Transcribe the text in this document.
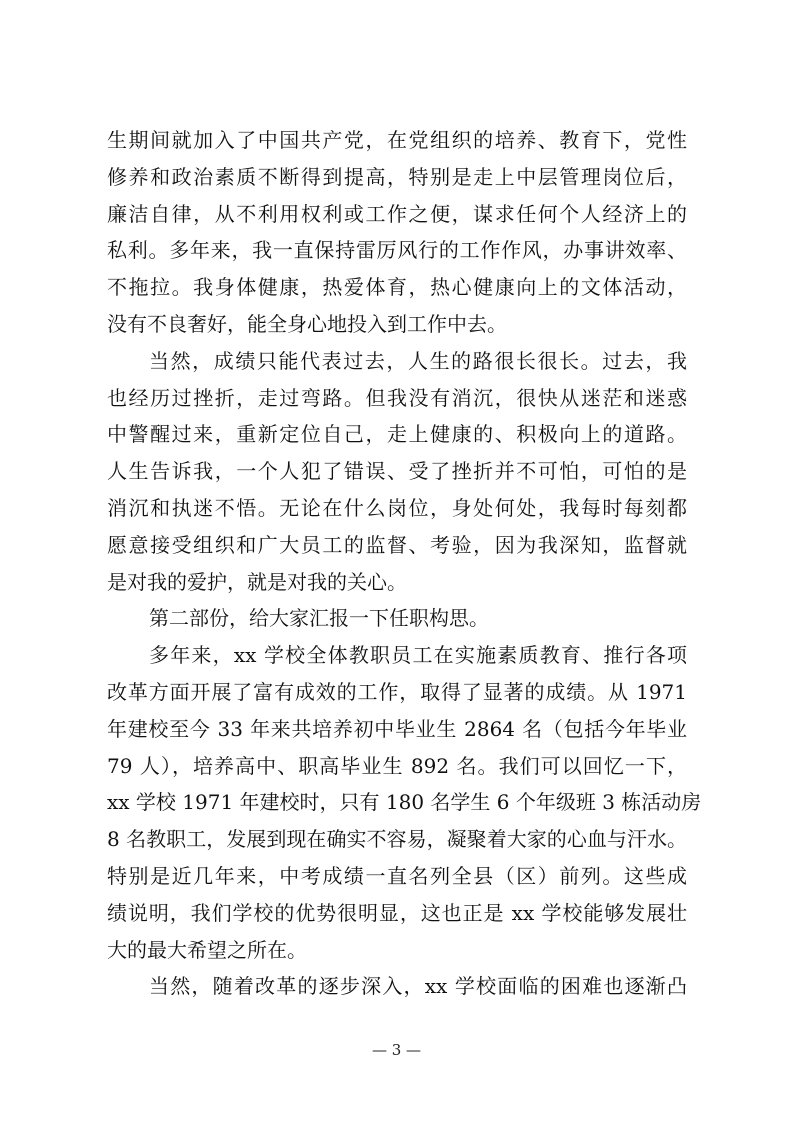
生期间就加入了中国共产党，在党组织的培养、教育下，党性
修养和政治素质不断得到提高，特别是走上中层管理岗位后，
廉洁自律，从不利用权利或工作之便，谋求任何个人经济上的
私利。多年来，我一直保持雷厉风行的工作作风，办事讲效率、
不拖拉。我身体健康，热爱体育，热心健康向上的文体活动，
没有不良奢好，能全身心地投入到工作中去。
当然，成绩只能代表过去，人生的路很长很长。过去，我
也经历过挫折，走过弯路。但我没有消沉，很快从迷茫和迷惑
中警醒过来，重新定位自己，走上健康的、积极向上的道路。
人生告诉我，一个人犯了错误、受了挫折并不可怕，可怕的是
消沉和执迷不悟。无论在什么岗位，身处何处，我每时每刻都
愿意接受组织和广大员工的监督、考验，因为我深知，监督就
是对我的爱护，就是对我的关心。
第二部份，给大家汇报一下任职构思。
多年来，xx 学校全体教职员工在实施素质教育、推行各项
改革方面开展了富有成效的工作，取得了显著的成绩。从 1971
年建校至今 33 年来共培养初中毕业生 2864 名（包括今年毕业
79 人），培养高中、职高毕业生 892 名。我们可以回忆一下，
xx 学校 1971 年建校时，只有 180 名学生 6 个年级班 3 栋活动房
8 名教职工，发展到现在确实不容易，凝聚着大家的心血与汗水。
特别是近几年来，中考成绩一直名列全县（区）前列。这些成
绩说明，我们学校的优势很明显，这也正是 xx 学校能够发展壮
大的最大希望之所在。
当然，随着改革的逐步深入，xx 学校面临的困难也逐渐凸
— 3 —
